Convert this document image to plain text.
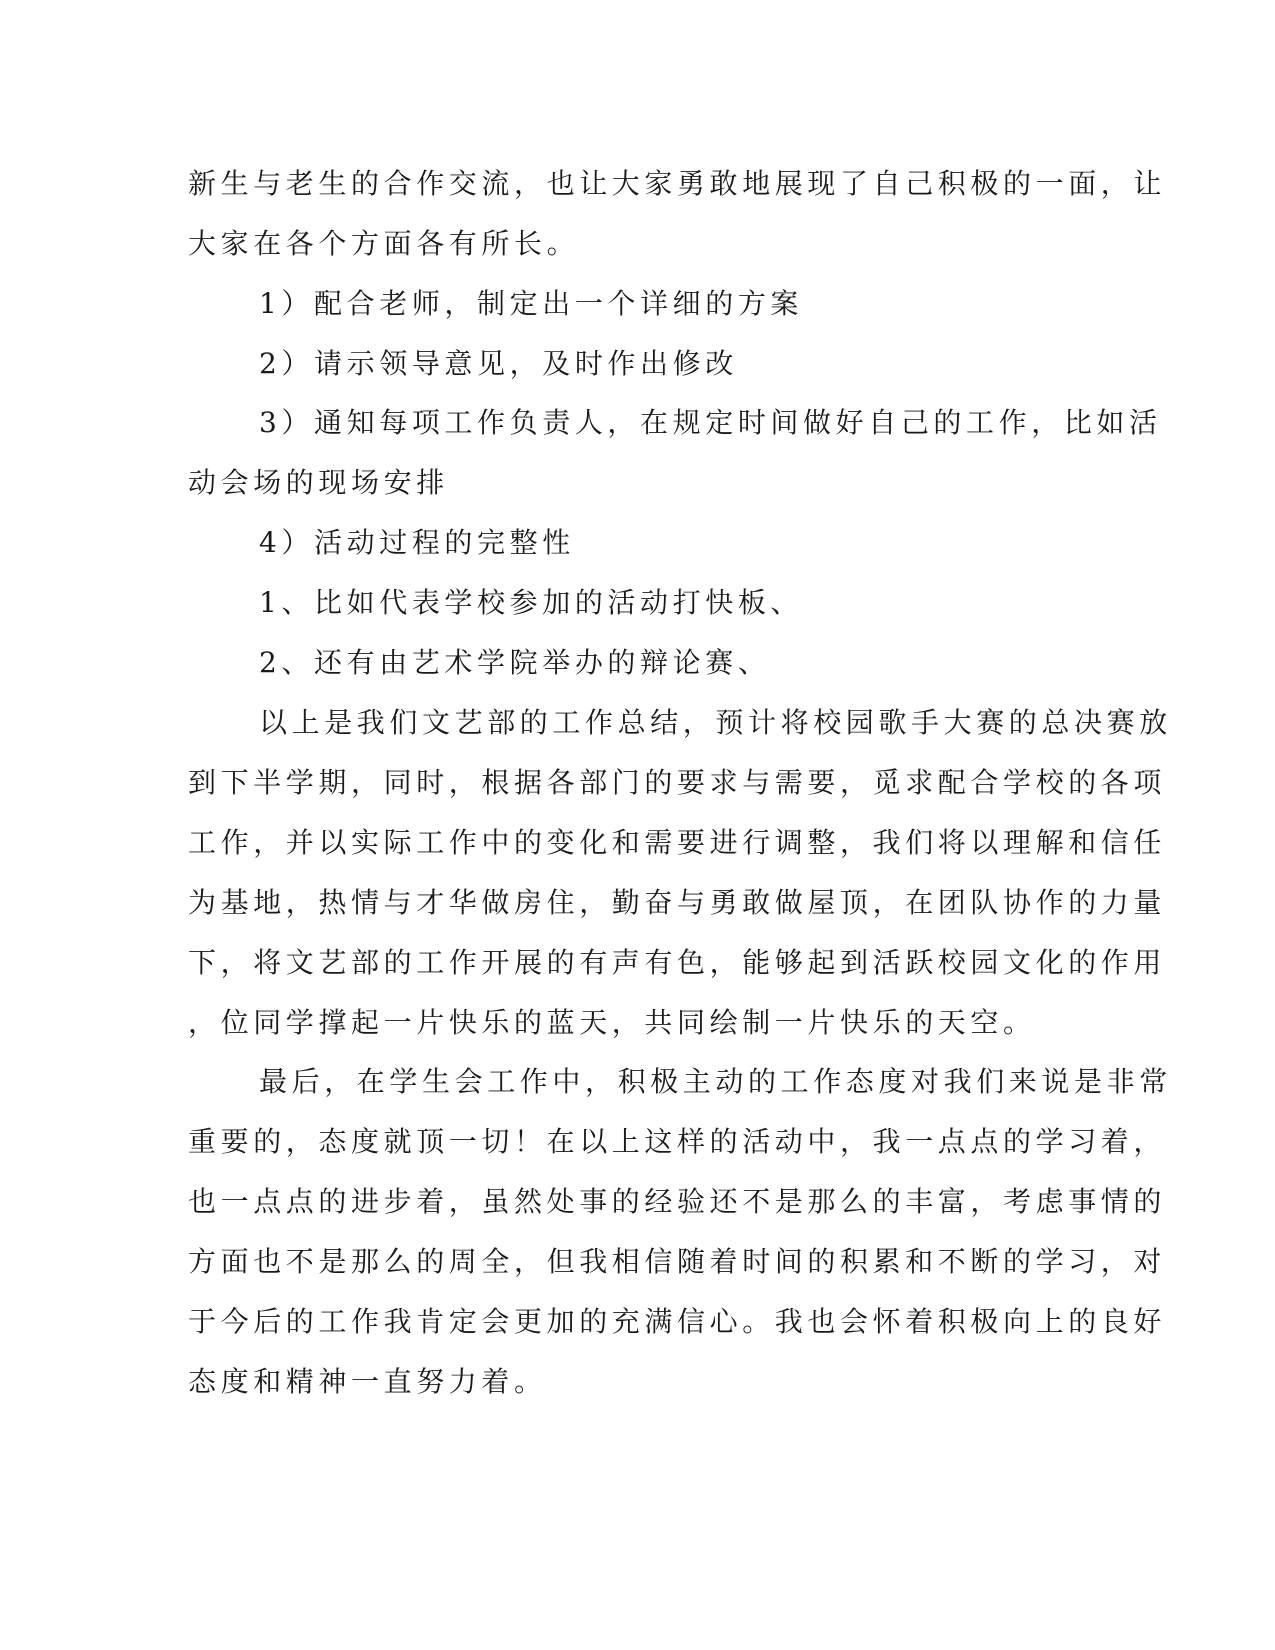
新生与老生的合作交流，也让大家勇敢地展现了自己积极的一面，让
大家在各个方面各有所长。
1）配合老师，制定出一个详细的方案
2）请示领导意见，及时作出修改
3）通知每项工作负责人，在规定时间做好自己的工作，比如活
动会场的现场安排
4）活动过程的完整性
1、比如代表学校参加的活动打快板、
2、还有由艺术学院举办的辩论赛、
以上是我们文艺部的工作总结，预计将校园歌手大赛的总决赛放
到下半学期，同时，根据各部门的要求与需要，觅求配合学校的各项
工作，并以实际工作中的变化和需要进行调整，我们将以理解和信任
为基地，热情与才华做房住，勤奋与勇敢做屋顶，在团队协作的力量
下，将文艺部的工作开展的有声有色，能够起到活跃校园文化的作用
，位同学撑起一片快乐的蓝天，共同绘制一片快乐的天空。
最后，在学生会工作中，积极主动的工作态度对我们来说是非常
重要的，态度就顶一切！在以上这样的活动中，我一点点的学习着，
也一点点的进步着，虽然处事的经验还不是那么的丰富，考虑事情的
方面也不是那么的周全，但我相信随着时间的积累和不断的学习，对
于今后的工作我肯定会更加的充满信心。我也会怀着积极向上的良好
态度和精神一直努力着。
